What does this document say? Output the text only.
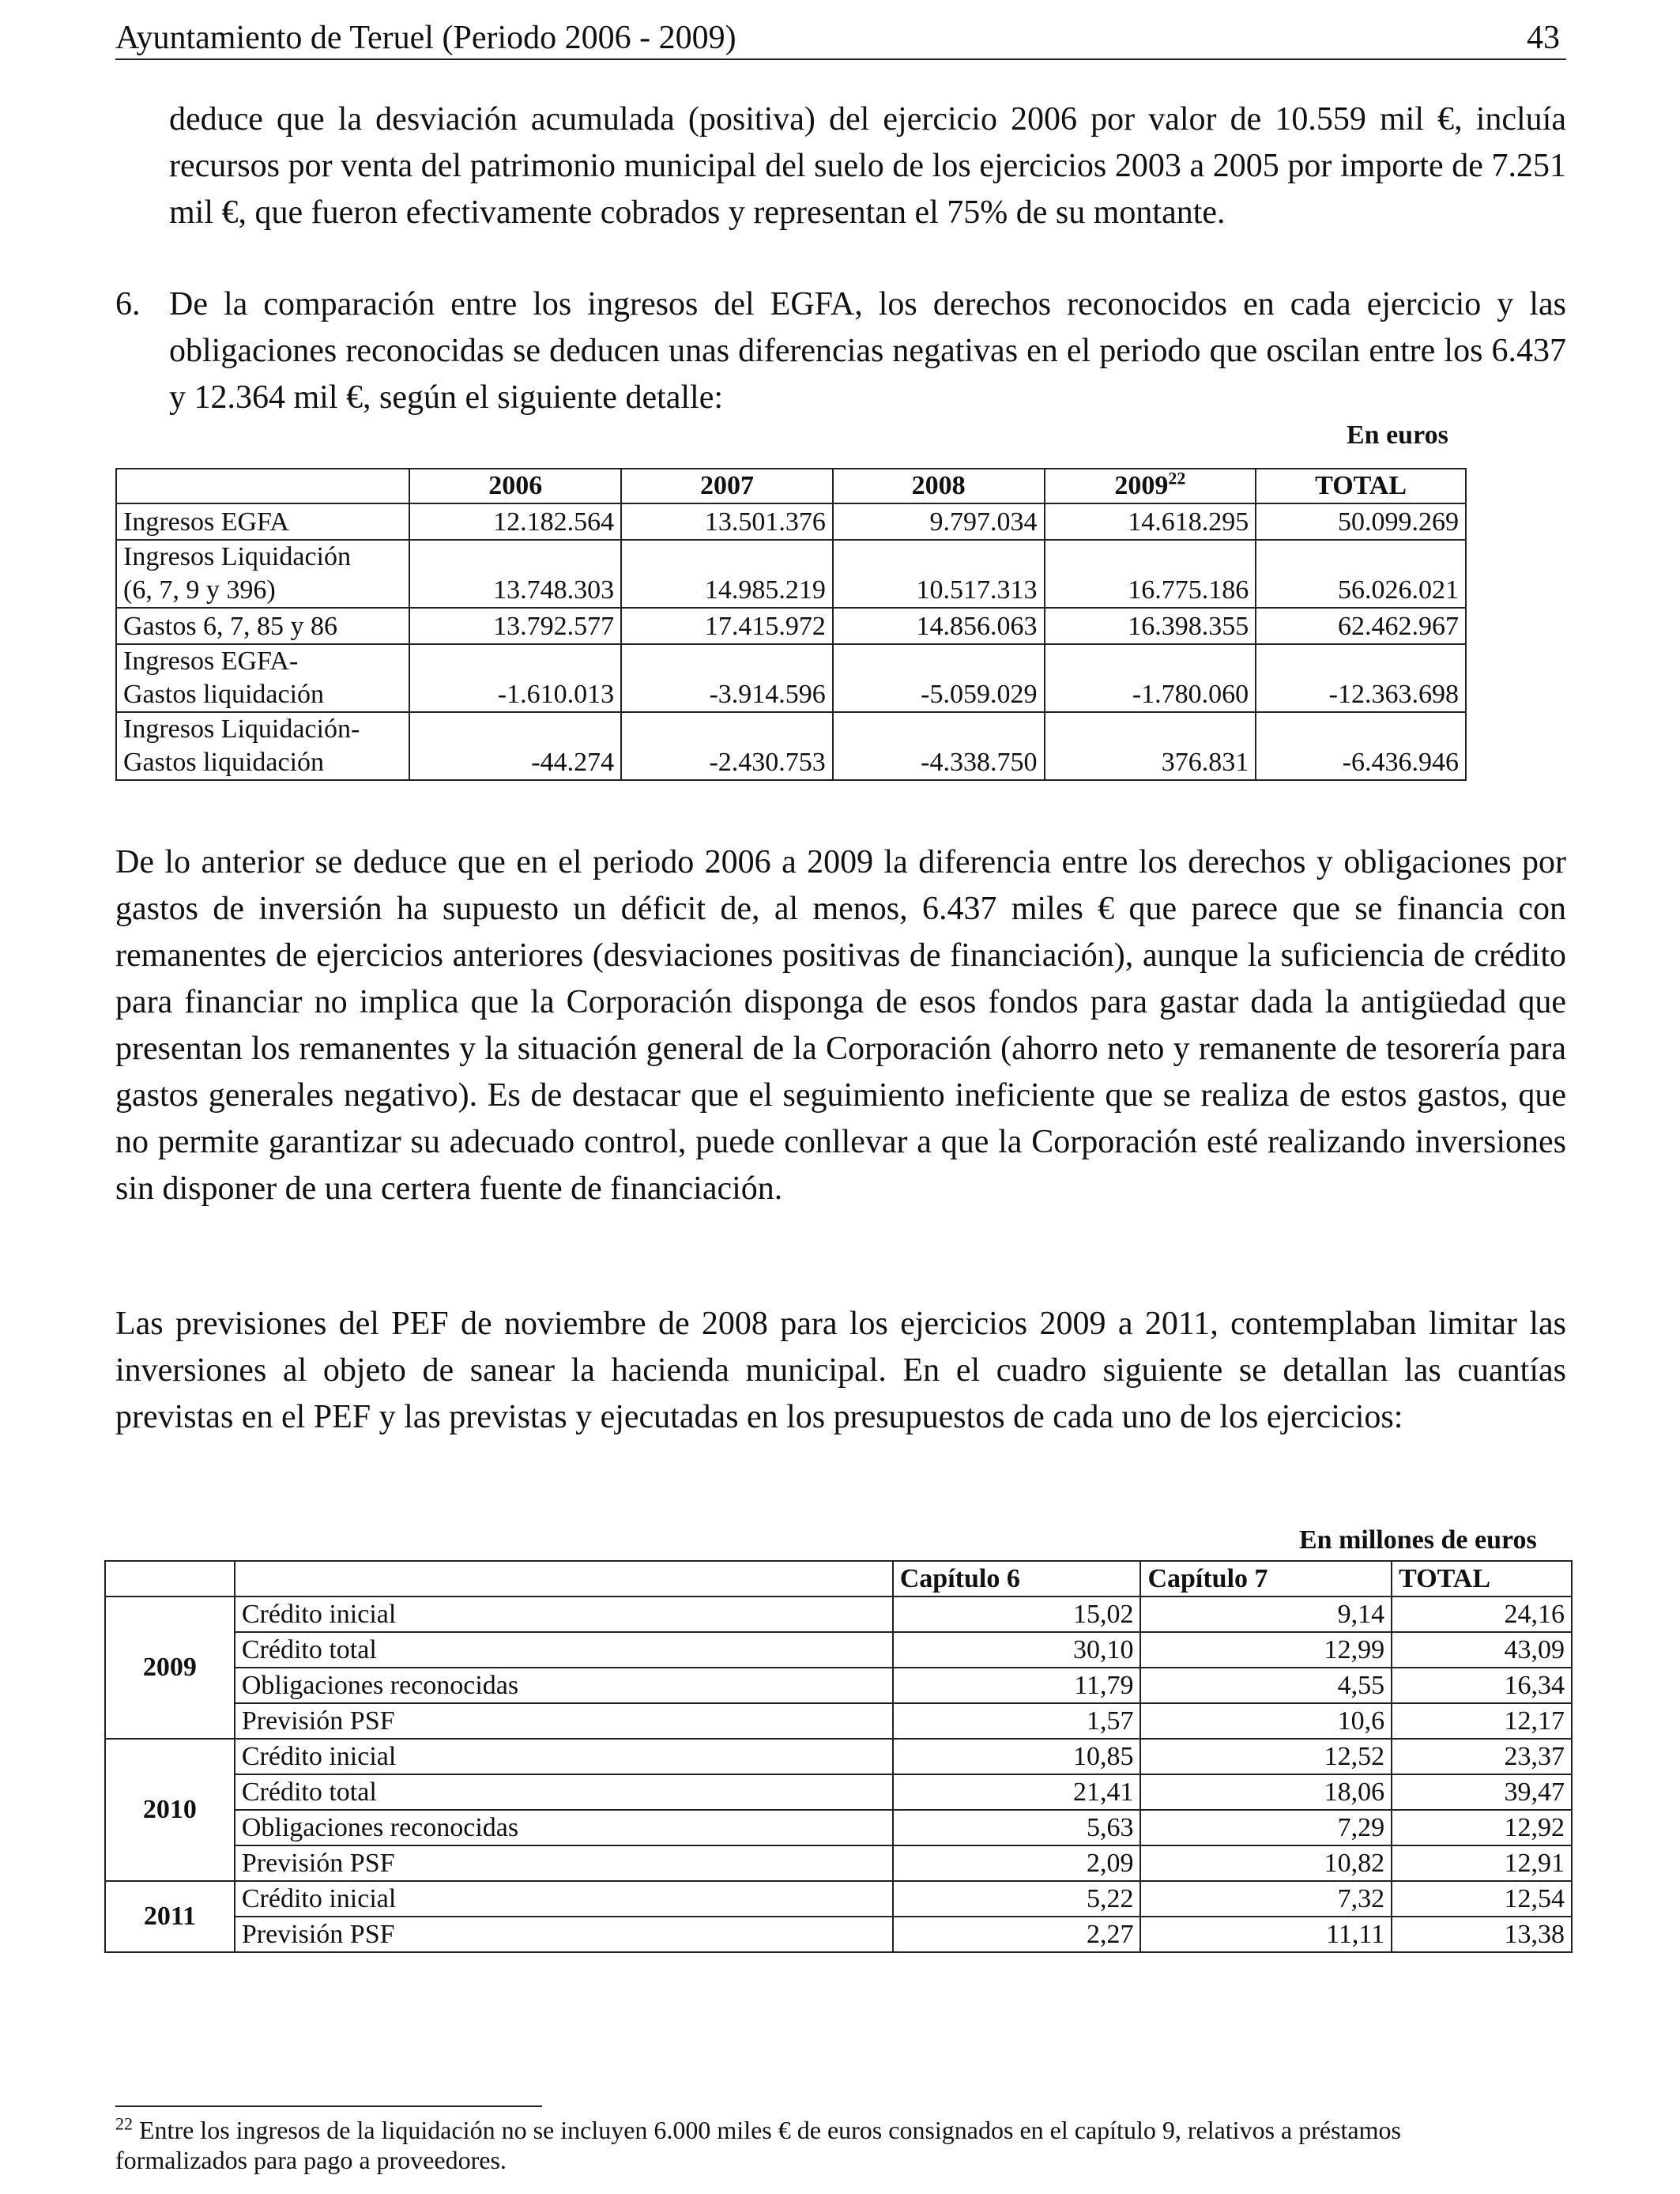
Ayuntamiento de Teruel (Periodo 2006 - 2009)	43

deduce que la desviación acumulada (positiva) del ejercicio 2006 por valor de 10.559 mil €, incluía recursos por venta del patrimonio municipal del suelo de los ejercicios 2003 a 2005 por importe de 7.251 mil €, que fueron efectivamente cobrados y representan el 75% de su montante.

6. De la comparación entre los ingresos del EGFA, los derechos reconocidos en cada ejercicio y las obligaciones reconocidas se deducen unas diferencias negativas en el periodo que oscilan entre los 6.437 y 12.364 mil €, según el siguiente detalle:

En euros
	2006	2007	2008	2009$^{22}$	TOTAL
Ingresos EGFA	12.182.564	13.501.376	9.797.034	14.618.295	50.099.269
Ingresos Liquidación
(6, 7, 9 y 396)	13.748.303	14.985.219	10.517.313	16.775.186	56.026.021
Gastos 6, 7, 85 y 86	13.792.577	17.415.972	14.856.063	16.398.355	62.462.967
Ingresos EGFA-
Gastos liquidación	-1.610.013	-3.914.596	-5.059.029	-1.780.060	-12.363.698
Ingresos Liquidación-
Gastos liquidación	-44.274	-2.430.753	-4.338.750	376.831	-6.436.946

De lo anterior se deduce que en el periodo 2006 a 2009 la diferencia entre los derechos y obligaciones por gastos de inversión ha supuesto un déficit de, al menos, 6.437 miles € que parece que se financia con remanentes de ejercicios anteriores (desviaciones positivas de financiación), aunque la suficiencia de crédito para financiar no implica que la Corporación disponga de esos fondos para gastar dada la antigüedad que presentan los remanentes y la situación general de la Corporación (ahorro neto y remanente de tesorería para gastos generales negativo). Es de destacar que el seguimiento ineficiente que se realiza de estos gastos, que no permite garantizar su adecuado control, puede conllevar a que la Corporación esté realizando inversiones sin disponer de una certera fuente de financiación.

Las previsiones del PEF de noviembre de 2008 para los ejercicios 2009 a 2011, contemplaban limitar las inversiones al objeto de sanear la hacienda municipal. En el cuadro siguiente se detallan las cuantías previstas en el PEF y las previstas y ejecutadas en los presupuestos de cada uno de los ejercicios:

En millones de euros
		Capítulo 6	Capítulo 7	TOTAL
2009	Crédito inicial	15,02	9,14	24,16
	Crédito total	30,10	12,99	43,09
	Obligaciones reconocidas	11,79	4,55	16,34
	Previsión PSF	1,57	10,6	12,17
2010	Crédito inicial	10,85	12,52	23,37
	Crédito total	21,41	18,06	39,47
	Obligaciones reconocidas	5,63	7,29	12,92
	Previsión PSF	2,09	10,82	12,91
2011	Crédito inicial	5,22	7,32	12,54
	Previsión PSF	2,27	11,11	13,38

$^{22}$ Entre los ingresos de la liquidación no se incluyen 6.000 miles € de euros consignados en el capítulo 9, relativos a préstamos formalizados para pago a proveedores.
